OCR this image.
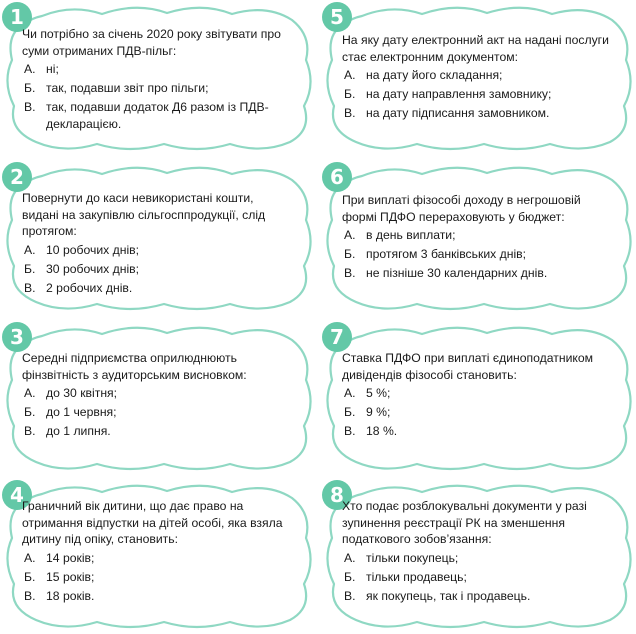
1
Чи потрібно за січень 2020 року звітувати про суми отриманих ПДВ-пільг:
А. ні;
Б. так, подавши звіт про пільги;
В. так, подавши додаток Д6 разом із ПДВ-декларацією.
5
На яку дату електронний акт на надані послуги стає електронним документом:
А. на дату його складання;
Б. на дату направлення замовнику;
В. на дату підписання замовником.
2
Повернути до каси невикористані кошти, видані на закупівлю сільгосппродукції, слід протягом:
А. 10 робочих днів;
Б. 30 робочих днів;
В. 2 робочих днів.
6
При виплаті фізособі доходу в негрошовій формі ПДФО перераховують у бюджет:
А. в день виплати;
Б. протягом 3 банківських днів;
В. не пізніше 30 календарних днів.
3
Середні підприємства оприлюднюють фінзвітність з аудиторським висновком:
А. до 30 квітня;
Б. до 1 червня;
В. до 1 липня.
7
Ставка ПДФО при виплаті єдиноподатником дивідендів фізособі становить:
А. 5 %;
Б. 9 %;
В. 18 %.
4
Граничний вік дитини, що дає право на отримання відпустки на дітей особі, яка взяла дитину під опіку, становить:
А. 14 років;
Б. 15 років;
В. 18 років.
8
Хто подає розблокувальні документи у разі зупинення реєстрації РК на зменшення податкового зобов’язання:
А. тільки покупець;
Б. тільки продавець;
В. як покупець, так і продавець.
